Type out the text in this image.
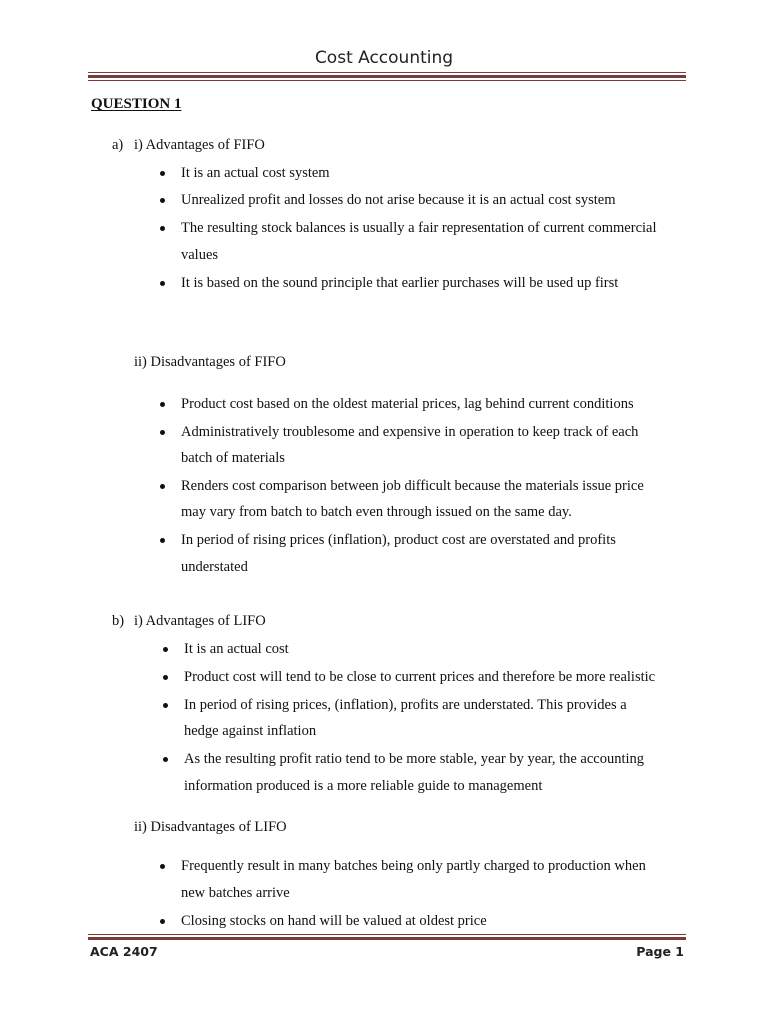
Cost Accounting
QUESTION 1
a) i) Advantages of FIFO
It is an actual cost system
Unrealized profit and losses do not arise because it is an actual cost system
The resulting stock balances is usually a fair representation of current commercial
values
It is based on the sound principle that earlier purchases will be used up first
ii) Disadvantages of FIFO
Product cost based on the oldest material prices, lag behind current conditions
Administratively troublesome and expensive in operation to keep track of each
batch of materials
Renders cost comparison between job difficult because the materials issue price
may vary from batch to batch even through issued on the same day.
In period of rising prices (inflation), product cost are overstated and profits
understated
b) i) Advantages of LIFO
It is an actual cost
Product cost will tend to be close to current prices and therefore be more realistic
In period of rising prices, (inflation), profits are understated. This provides a
hedge against inflation
As the resulting profit ratio tend to be more stable, year by year, the accounting
information produced is a more reliable guide to management
ii) Disadvantages of LIFO
Frequently result in many batches being only partly charged to production when
new batches arrive
Closing stocks on hand will be valued at oldest price
ACA 2407	Page 1
